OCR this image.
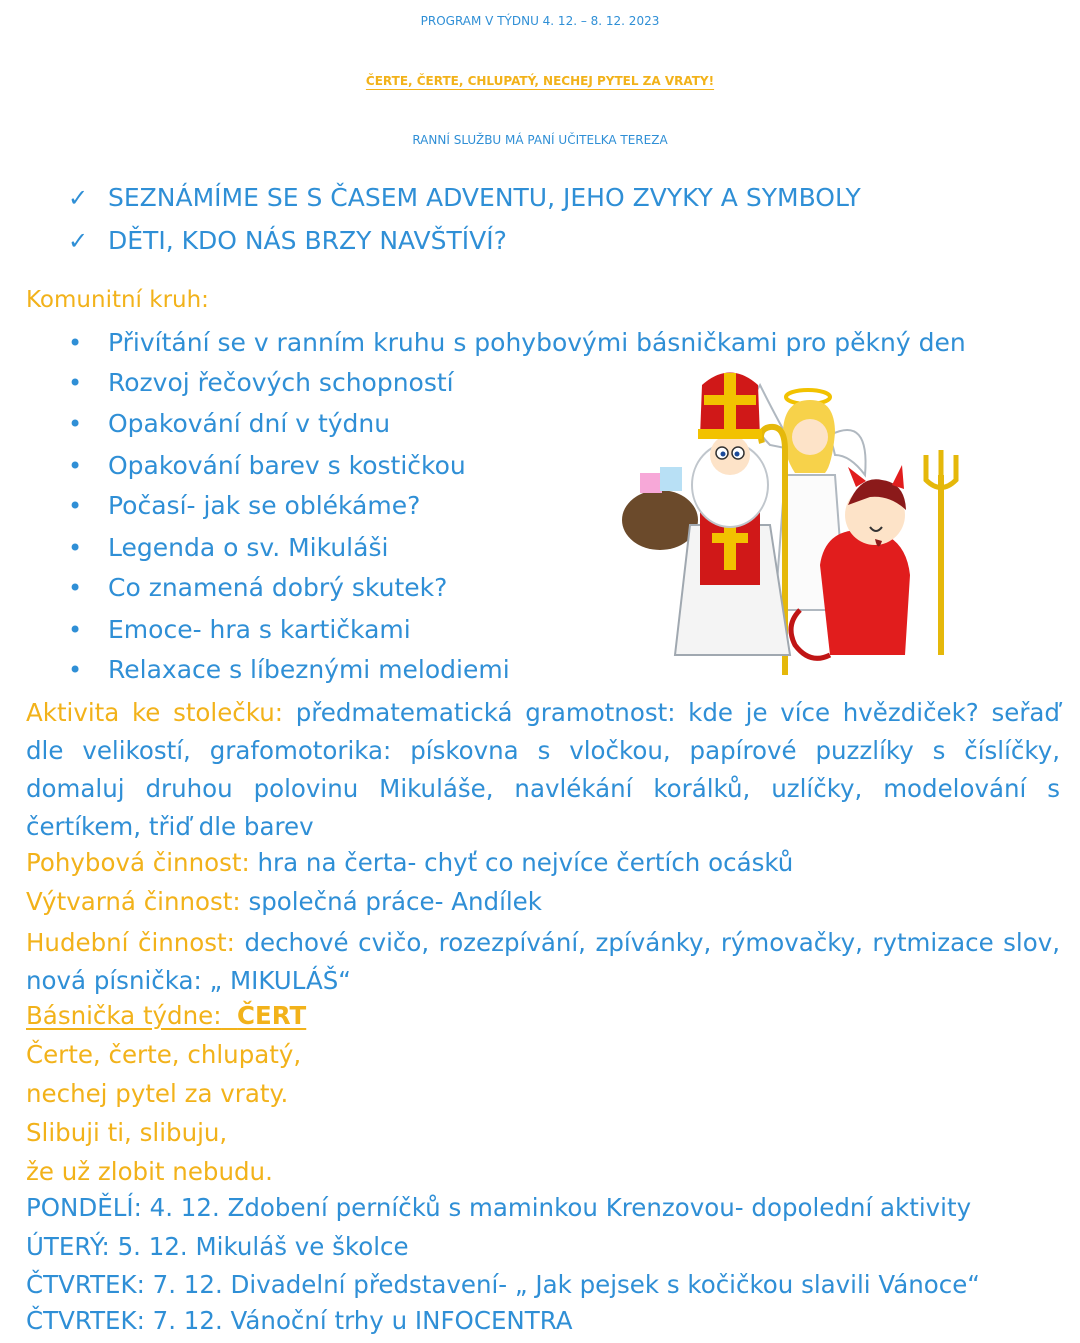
PROGRAM V TÝDNU 4. 12. – 8. 12. 2023
ČERTE, ČERTE, CHLUPATÝ, NECHEJ PYTEL ZA VRATY!
RANNÍ SLUŽBU MÁ PANÍ UČITELKA TEREZA
✓ SEZNÁMÍME SE S ČASEM ADVENTU, JEHO ZVYKY A SYMBOLY
✓ DĚTI, KDO NÁS BRZY NAVŠTÍVÍ?
Komunitní kruh:
• Přivítání se v ranním kruhu s pohybovými básničkami pro pěkný den
• Rozvoj řečových schopností
• Opakování dní v týdnu
• Opakování barev s kostičkou
• Počasí- jak se oblékáme?
• Legenda o sv. Mikuláši
• Co znamená dobrý skutek?
• Emoce- hra s kartičkami
• Relaxace s líbeznými melodiemi
Aktivita ke stolečku: předmatematická gramotnost: kde je více hvězdiček? seřaď dle velikostí, grafomotorika: pískovna s vločkou, papírové puzzlíky s číslíčky, domaluj druhou polovinu Mikuláše, navlékání korálků, uzlíčky, modelování s čertíkem, třiď dle barev
Pohybová činnost: hra na čerta- chyť co nejvíce čertích ocásků
Výtvarná činnost: společná práce- Andílek
Hudební činnost: dechové cvičo, rozezpívání, zpívánky, rýmovačky, rytmizace slov, nová písnička: „ MIKULÁŠ“
Básnička týdne: ČERT
Čerte, čerte, chlupatý,
nechej pytel za vraty.
Slibuji ti, slibuju,
že už zlobit nebudu.
PONDĚLÍ: 4. 12. Zdobení perníčků s maminkou Krenzovou- dopolední aktivity
ÚTERÝ: 5. 12. Mikuláš ve školce
ČTVRTEK: 7. 12. Divadelní představení- „ Jak pejsek s kočičkou slavili Vánoce“
ČTVRTEK: 7. 12. Vánoční trhy u INFOCENTRA
